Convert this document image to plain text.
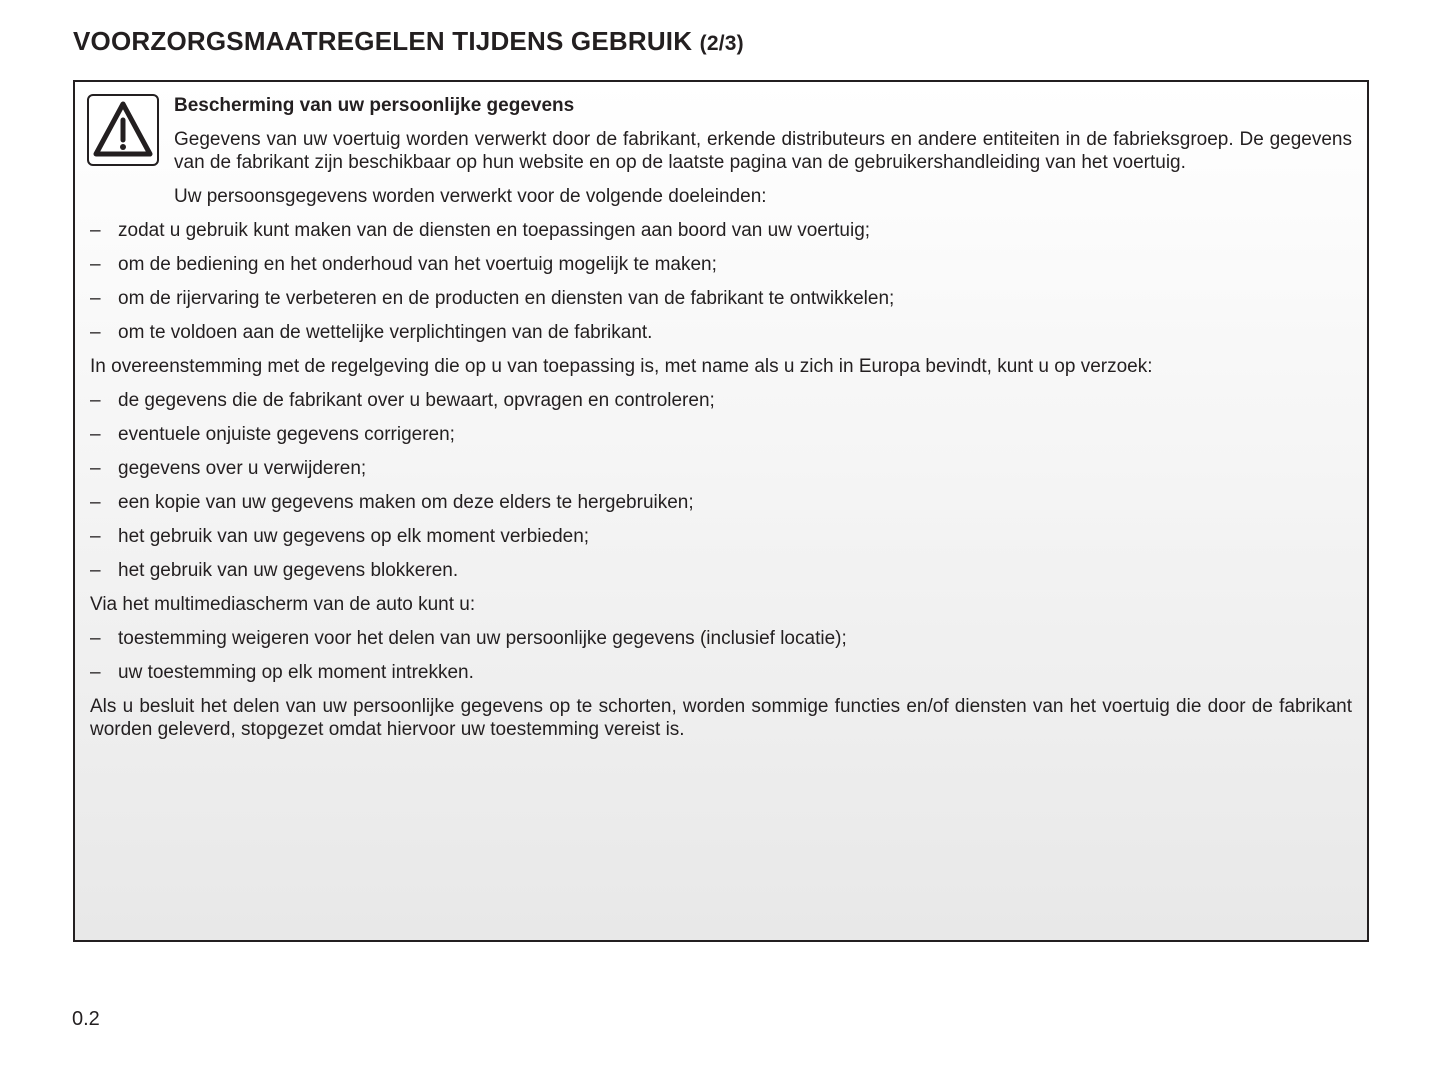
VOORZORGSMAATREGELEN TIJDENS GEBRUIK (2/3)

Bescherming van uw persoonlijke gegevens

Gegevens van uw voertuig worden verwerkt door de fabrikant, erkende distributeurs en andere entiteiten in de fabrieksgroep. De gegevens van de fabrikant zijn beschikbaar op hun website en op de laatste pagina van de gebruikershandleiding van het voertuig.

Uw persoonsgegevens worden verwerkt voor de volgende doeleinden:

– zodat u gebruik kunt maken van de diensten en toepassingen aan boord van uw voertuig;
– om de bediening en het onderhoud van het voertuig mogelijk te maken;
– om de rijervaring te verbeteren en de producten en diensten van de fabrikant te ontwikkelen;
– om te voldoen aan de wettelijke verplichtingen van de fabrikant.

In overeenstemming met de regelgeving die op u van toepassing is, met name als u zich in Europa bevindt, kunt u op verzoek:

– de gegevens die de fabrikant over u bewaart, opvragen en controleren;
– eventuele onjuiste gegevens corrigeren;
– gegevens over u verwijderen;
– een kopie van uw gegevens maken om deze elders te hergebruiken;
– het gebruik van uw gegevens op elk moment verbieden;
– het gebruik van uw gegevens blokkeren.

Via het multimediascherm van de auto kunt u:

– toestemming weigeren voor het delen van uw persoonlijke gegevens (inclusief locatie);
– uw toestemming op elk moment intrekken.

Als u besluit het delen van uw persoonlijke gegevens op te schorten, worden sommige functies en/of diensten van het voertuig die door de fabrikant worden geleverd, stopgezet omdat hiervoor uw toestemming vereist is.

0.2
